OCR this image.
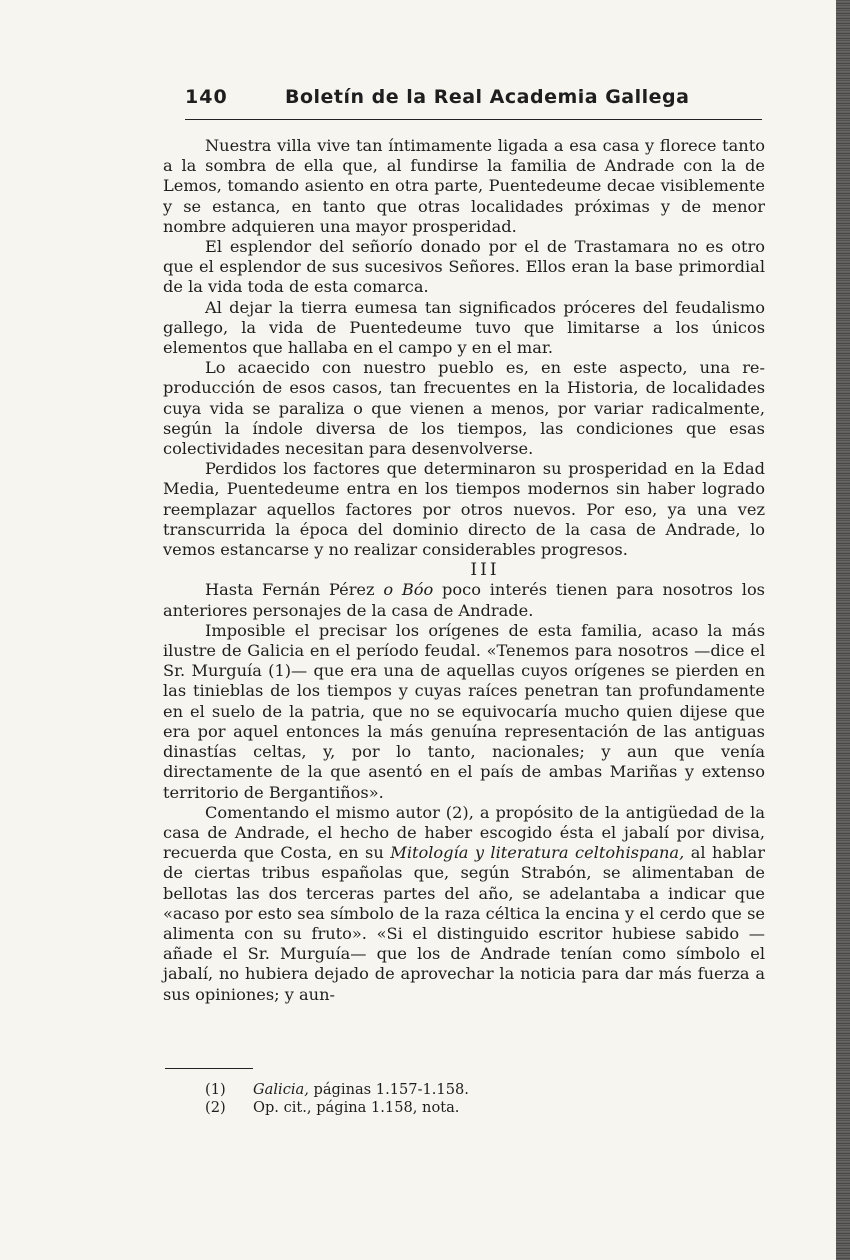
140	Boletín de la Real Academia Gallega

Nuestra villa vive tan íntimamente ligada a esa casa y florece tanto a la sombra de ella que, al fundirse la familia de Andrade con la de Lemos, tomando asiento en otra parte, Puentedeume decae visiblemente y se estanca, en tanto que otras localidades próximas y de menor nombre adquieren una mayor prosperidad.

El esplendor del señorío donado por el de Trastamara no es otro que el esplendor de sus sucesivos Señores. Ellos eran la base primordial de la vida toda de esta comarca.

Al dejar la tierra eumesa tan significados próceres del feudalismo gallego, la vida de Puentedeume tuvo que limitarse a los únicos elementos que hallaba en el campo y en el mar.

Lo acaecido con nuestro pueblo es, en este aspecto, una reproducción de esos casos, tan frecuentes en la Historia, de localidades cuya vida se paraliza o que vienen a menos, por variar radicalmente, según la índole diversa de los tiempos, las condiciones que esas colectividades necesitan para desenvolverse.

Perdidos los factores que determinaron su prosperidad en la Edad Media, Puentedeume entra en los tiempos modernos sin haber logrado reemplazar aquellos factores por otros nuevos. Por eso, ya una vez transcurrida la época del dominio directo de la casa de Andrade, lo vemos estancarse y no realizar considerables progresos.

III

Hasta Fernán Pérez o Bóo poco interés tienen para nosotros los anteriores personajes de la casa de Andrade.

Imposible el precisar los orígenes de esta familia, acaso la más ilustre de Galicia en el período feudal. «Tenemos para nosotros —dice el Sr. Murguía (1)— que era una de aquellas cuyos orígenes se pierden en las tinieblas de los tiempos y cuyas raíces penetran tan profundamente en el suelo de la patria, que no se equivocaría mucho quien dijese que era por aquel entonces la más genuína representación de las antiguas dinastías celtas, y, por lo tanto, nacionales; y aun que venía directamente de la que asentó en el país de ambas Mariñas y extenso territorio de Bergantiños».

Comentando el mismo autor (2), a propósito de la antigüedad de la casa de Andrade, el hecho de haber escogido ésta el jabalí por divisa, recuerda que Costa, en su Mitología y literatura celtohispana, al hablar de ciertas tribus españolas que, según Strabón, se alimentaban de bellotas las dos terceras partes del año, se adelantaba a indicar que «acaso por esto sea símbolo de la raza céltica la encina y el cerdo que se alimenta con su fruto». «Si el distinguido escritor hubiese sabido —añade el Sr. Murguía— que los de Andrade tenían como símbolo el jabalí, no hubiera dejado de aprovechar la noticia para dar más fuerza a sus opiniones; y aun-

(1)	Galicia, páginas 1.157-1.158.
(2)	Op. cit., página 1.158, nota.
